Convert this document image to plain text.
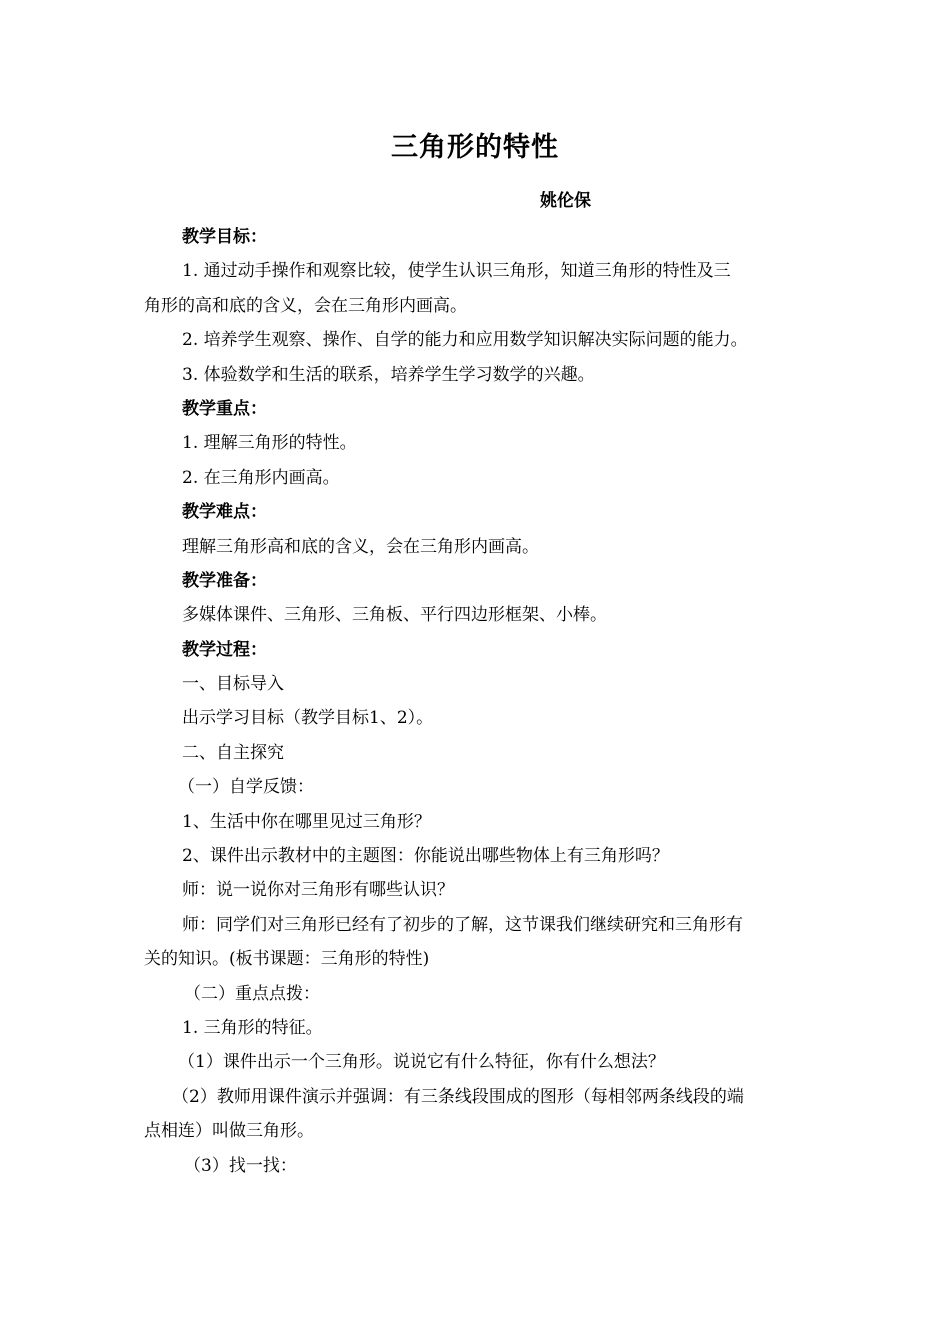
三角形的特性
姚伦保
教学目标：
1. 通过动手操作和观察比较，使学生认识三角形，知道三角形的特性及三
角形的高和底的含义，会在三角形内画高。
2. 培养学生观察、操作、自学的能力和应用数学知识解决实际问题的能力。
3. 体验数学和生活的联系，培养学生学习数学的兴趣。
教学重点：
1. 理解三角形的特性。
2. 在三角形内画高。
教学难点：
理解三角形高和底的含义，会在三角形内画高。
教学准备：
多媒体课件、三角形、三角板、平行四边形框架、小棒。
教学过程：
一、目标导入
出示学习目标（教学目标1、2）。
二、自主探究
（一）自学反馈：
1、生活中你在哪里见过三角形？
2、课件出示教材中的主题图：你能说出哪些物体上有三角形吗？
师：说一说你对三角形有哪些认识？
师：同学们对三角形已经有了初步的了解，这节课我们继续研究和三角形有
关的知识。(板书课题：三角形的特性)
（二）重点点拨：
1. 三角形的特征。
（1）课件出示一个三角形。说说它有什么特征，你有什么想法？
（2）教师用课件演示并强调：有三条线段围成的图形（每相邻两条线段的端
点相连）叫做三角形。
（3）找一找：
